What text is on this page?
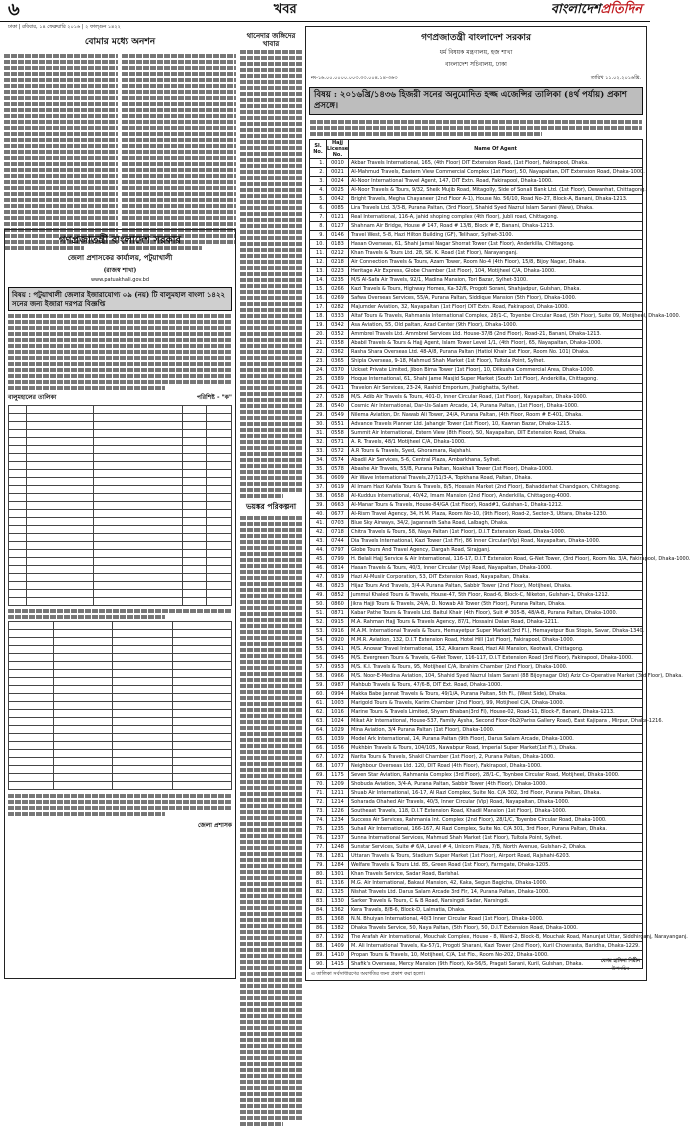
৬	খবর	বাংলাদেশপ্রতিদিন
ঢাকা | রবিবার, ১৪ ফেব্রুয়ারি ২০১৬ | ২ ফাল্গুন ১৪২২
বোমার মধ্যে অনশন
গণপ্রজাতন্ত্রী বাংলাদেশ সরকার
জেলা প্রশাসকের কার্যালয়, পটুয়াখালী
(রাজস্ব শাখা)
www.patuakhali.gov.bd
বিষয় : পটুয়াখালী জেলার ইজারাযোগ্য ০৯ (নয়) টি বালুমহাল বাংলা ১৪২২ সনের জন্য ইজারা দরপত্র বিজ্ঞপ্তি
বালুমহালের তালিকা	পরিশিষ্ট - "ক"

জেলা প্রশাসক
থানেদার জঙ্গিদের খাবার
ভয়ঙ্কর পরিকল্পনা
গণপ্রজাতন্ত্রী বাংলাদেশ সরকার
ধর্ম বিষয়ক মন্ত্রণালয়, হজ শাখা
বাংলাদেশ সচিবালয়, ঢাকা
নং-১৬.০০.০০০০.০০৩.৩৩.০০৪.১৪-৩৬৩	তারিখ ১১.০২.২০১৬খ্রি.
বিষয় : ২০১৬খ্রি/১৪৩৬ হিজরী সনের অনুমোদিত হজ্জ এজেন্সির তালিকা (৪র্থ পর্যায়) প্রকাশ প্রসঙ্গে।
Sl. No.	Hajj License No.	Name Of Agent
1.	0010	Akbar Travels International, 165, (4th Floor) DIT Extension Road, (1st Floor), Fakirapool, Dhaka.
2.	0021	Al-Mahmud Travels, Eastern View Commercial Complex (1st Floor), 50, Nayapaltan, DIT Extension Road, Dhaka-1000.
3.	0024	Al-Noor International Travel Agent, 147, DIT Extn. Road, Fakirapool, Dhaka-1000.
4.	0025	Al-Noor Travels & Tours, 9/32, Sheik Mujib Road, Mitagolly, Side of Sonali Bank Ltd. (1st Floor), Dewanhat, Chittagong.
5.	0042	Bright Travels, Megha Chayaneer (2nd Floor A-1), House No. 56/10, Road No-27, Block-A, Banani, Dhaka-1213.
6.	0085	Lira Travels Ltd. 3/3-B, Purana Paltan, (3rd Floor), Shahid Syed Nazrul Islam Sarani (New), Dhaka.
7.	0121	Real International, 116-A, jahid shoping complex (4th floor), Jubli road, Chittagong.
8.	0127	Shahnam Air Bridge, House # 147, Road # 13/B, Block # E, Banani, Dhaka-1213.
9.	0146	Travel West, 5-8, Hazi Hilton Building (GF), Telihaor, Sylhet-3100.
10.	0183	Hasan Overseas, 61, Shahi Jamal Nagar Shorrat Tower (1st Floor), Anderkilla, Chittagong.
11.	0212	Khan Travels & Tours Ltd. 28, SK. K. Road (1st Floor), Narayanganj.
12.	0218	Air Connection Travels & Tours, Azam Tower, Room No-4 (4th Floor), 15/8, Bijoy Nagar, Dhaka.
13.	0223	Heritage Air Express, Globe Chamber (1st Floor), 104, Motijheel C/A, Dhaka-1000.
14.	0235	M/S Al-Safa Air Travels, 92/1, Madina Mansion, Tori Bazar, Sylhet-3100.
15.	0266	Kazi Travels & Tours, Highway Homes, Ka-32/6, Progoti Sorani, Shahjadpur, Gulshan, Dhaka.
16.	0269	Safwa Overseas Services, 55/A, Purana Paltan, Siddique Mansion (5th Floor), Dhaka-1000.
17.	0282	Majumder Aviation, 32, Nayapaltan (1st Floor) DIT Extn. Road, Fakirapool, Dhaka-1000.
18.	0333	Altaf Tours & Travels, Rahmania International Complex, 28/1-C, Toyenbe Circular Road, (5th Floor), Suite 09, Motijheel, Dhaka-1000.
19.	0342	Asa Aviation, 55, Old paltan, Azad Center (9th Floor), Dhaka-1000.
20.	0352	Ammbrel Travels Ltd. Ammbrel Services Ltd. House-37/B (2nd Floor), Road-21, Banani, Dhaka-1213.
21.	0358	Ababil Travels & Tours & Hajj Agent, Islam Tower Level 1/1, (4th Floor), 65, Nayapaltan, Dhaka-1000.
22.	0362	Rasha Shara Overseas Ltd. 48-A/8, Purana Paltan (Hatiol Khair 1st Floor, Room No. 101) Dhaka.
23.	0365	Shipla Overseas, 9-18, Mahmud Shah Market (1st Floor), Tultola Point, Sylhet.
24.	0370	Uckset Private Limited, Jibon Bima Tower (1st Floor), 10, Dilkusha Commercial Area, Dhaka-1000.
25.	0389	Hoque International, 61, Shahi Jame Masjid Super Market (South 1st Floor), Anderkilla, Chittagong.
26.	0421	Travelon Air Services, 23-24, Rashid Emporium, Jhatighatta, Sylhet.
27.	0528	M/S. Adib Air Travels & Tours, 401-D, Inner Circular Road, (1st Floor), Nayapaltan, Dhaka-1000.
28.	0540	Cosmic Air International, Dar-Us-Salam Arcade, 14, Purana Paltan, (1st Floor), Dhaka-1000.
29.	0549	Nilema Aviation, Dr. Nawab Ali Tower, 24/A, Purana Paltan, (4th Floor, Room # E-401, Dhaka.
30.	0551	Advance Travels Planner Ltd. Jahangir Tower (1st Floor), 10, Kawran Bazar, Dhaka-1215.
31.	0558	Summit Air International, Estern View (8th Floor), 50, Nayapaltan, DIT Extension Road, Dhaka.
32.	0571	A. R. Travels, 48/1 Motijheel C/A, Dhaka-1000.
33.	0572	A.R Tours & Travels, Syed, Ghoramara, Rajshahi.
34.	0574	Abadil Air Services, 5-6, Central Plaza, Ambarkhana, Sylhet.
35.	0578	Abashe Air Travels, 55/B, Purana Paltan, Noakhali Tower (1st Floor), Dhaka-1000.
36.	0609	Air Wave International Travels,27/11/3-A, Topkhana Road, Paltan, Dhaka.
37.	0619	Al Imam Hazi Kafela Tours & Travels, 8/5, Hossain Market (2nd Floor), Bahaddarhat Chandgaon, Chittagong.
38.	0658	Al-Kuddus International, 40/42, Imam Mansion (2nd Floor), Anderkilla, Chittagong-4000.
39.	0663	Al-Manar Tours & Travels, House-84/GA (1st Floor), Road#1, Gulshan-1, Dhaka-1212.
40.	0677	Al-Rism Travel Agency, 34, H.M. Plaza, Room No-10, (9th Floor), Road-2, Sector-3, Uttara, Dhaka-1230.
41.	0703	Blue Sky Airways, 34/2, Jagannath Saha Road, Lalbagh, Dhaka.
42.	0718	Chitra Travels & Tours, 58, Naya Paltan (1st Floor), D.I.T Extension Road, Dhaka-1000.
43.	0744	Dia Travels International, Kazi Tower (1st Flr), 86 Inner Circular(Vip) Road, Nayapaltan, Dhaka-1000.
44.	0797	Globe Tours And Travel Agency, Dargah Road, Sirajganj.
45.	0799	H. Belali Hajj Service & Air International, 116-17, D.I.T Extension Road, G-Net Tower, (3rd Floor), Room No. 3/A, Fakirapool, Dhaka-1000.
46.	0814	Hasan Travels & Tours, 40/3, Inner Circular (Vip) Road, Nayapaltan, Dhaka-1000.
47.	0819	Hazi Al-Musiir Corporation, 53, DIT Extension Road, Nayapaltan, Dhaka.
48.	0823	Hijaz Tours And Travels, 3/4-A Purana Paltan, Sabbir Tower (2nd Floor), Motijheel, Dhaka.
49.	0852	Jummul Khaled Tours & Travels, House-47, 5th Floor, Road-6, Block-C, Niketon, Gulshan-1, Dhaka-1212.
50.	0860	Jikra Hajji Tours & Travels, 24/A, D. Nowab Ali Tower (5th Floor), Purana Paltan, Dhaka.
51.	0871	Kabar Pathe Tours & Travels Ltd. Baitul Khair (4th Floor), Suit # 305-B, 48/A-B, Purana Paltan, Dhaka-1000.
52.	0915	M.A. Rahman Hajj Tours & Travels Agency, 87/1, Hossaini Dalan Road, Dhaka-1211.
53.	0916	M.A.M. International Travels & Tours, Hemayetpur Super Market(3rd Fl.), Hemayetpur Bus Stopis, Savar, Dhaka-1340.
54.	0920	M.M.R. Aviation, 132, D.I.T Extension Road, Hotel Hill (1st Floor), Fakirapool, Dhaka-1000.
55.	0941	M/S. Anowar Travel International, 152, Alkaram Road, Hazi Ali Mansion, Keotwali, Chittagong.
56.	0945	M/S. Evergreen Tours & Travels, G-Net Tower, 116-117, D.I.T Extension Road (3rd Floor), Fakirapool, Dhaka-1000.
57.	0953	M/S. K.I. Travels & Tours, 95, Motijheel C/A, Ibrahim Chamber (2nd Floor), Dhaka-1000.
58.	0966	M/S. Noor-E-Medina Aviation, 104, Shahid Syed Nazrul Islam Sarani (88 Bijoynagar Old) Aziz Co-Operative Market (3rd Floor), Dhaka.
59.	0987	Mahbub Travels & Tours, 47/6-B, DIT Ext. Road, Dhaka-1000.
60.	0994	Makka Babe Jannat Travels & Tours, 49/1/A, Purana Paltan, 5th Fl., (West Side), Dhaka.
61.	1003	Marigold Tours & Travels, Karim Chamber (2nd Floor), 99, Motijheel C/A, Dhaka-1000.
62.	1016	Marine Tours & Travels Limited, Shyam Bhaban(3rd Fl), House-02, Road-11, Block-F, Banani, Dhaka-1213.
63.	1024	Mikat Air International, House-537, Family Aysha, Second Floor-0b2(Pariss Gallery Road), East Kajipara , Mirpur, Dhaka-1216.
64.	1029	Mina Aviation, 3/4 Purana Paltan (1st Floor), Dhaka-1000.
65.	1039	Model Ark International, 14, Purana Paltan (9th Floor), Darus Salam Arcade, Dhaka-1000.
66.	1056	Mukhbin Travels & Tours, 104/105, Nawabpur Road, Imperial Super Market(1st Fl.), Dhaka.
67.	1072	Narita Tours & Travels, Shakil Chamber (1st Floor), 2, Purana Paltan, Dhaka-1000.
68.	1077	Neighbour Overseas Ltd. 120, DIT Road (4th Floor), Fakirapool, Dhaka-1000.
69.	1175	Seven Star Aviation, Rahmania Complex (3rd Floor), 28/1-C, Toynbee Circular Road, Motijheel, Dhaka-1000.
70.	1209	Shobuda Aviation, 3/4-A, Purana Paltan, Sabbir Tower (4th Floor), Dhaka-1000.
71.	1211	Shuab Air International, 16-17, Al Razi Complex, Suite No. C/A 302, 3rd Floor, Purana Paltan, Dhaka.
72.	1214	Soharada Ohahed Air Travels, 40/3, Inner Circular (Vip) Road, Nayapaltan, Dhaka-1000.
73.	1226	Southeast Travels, 118, D.I.T Extension Road, Khadil Mansion (1st Floor), Dhaka-1000.
74.	1234	Success Air Services, Rahmania Int. Complex (2nd Floor), 28/1/C, Toyenbe Circular Road, Dhaka-1000.
75.	1235	Suhail Air International, 166-167, Al Razi Complex, Suite No. C/A 301, 3rd Floor, Purana Paltan, Dhaka.
76.	1237	Sunna International Services, Mahmud Shah Market (1st Floor), Tultola Point, Sylhet.
77.	1248	Sunstar Services, Suite # 6/A, Level # 4, Unicorn Plaza, 7/B, North Avenue, Gulshan-2, Dhaka.
78.	1281	Uttaran Travels & Tours, Stadium Super Market (1st Floor), Airport Road, Rajshahi-6203.
79.	1284	Welfare Travels & Tours Ltd. 85, Green Road (1st Floor), Farmgate, Dhaka-1205.
80.	1301	Khan Travels Service, Sadar Road, Barishal.
81.	1316	M.G. Air International, Bakaul Mansion, 42, Kaka, Segun Bagicha, Dhaka-1000.
82.	1325	Nishat Travels Ltd. Darus Salam Arcade 3rd Flr, 14, Purana Paltan, Dhaka-1000.
83.	1330	Sarker Travels & Tours, C & B Road, Narsingdi Sadar, Narsingdi.
84.	1362	Kera Travels, 8/B-6, Block-D, Lalmatia, Dhaka.
85.	1368	N.N. Bhuiyan International, 40/3 Inner Circular Road (1st Floor), Dhaka-1000.
86.	1382	Dhaka Travels Service, 50, Naya Paltan, (5th Floor), 50, D.I.T Extension Road, Dhaka-1000.
87.	1392	The Arafah Air International, Mouchak Complex, House - 8, Ward-2, Block-B, Mouchak Road, Manunjat Uttar, Siddhirganj, Narayanganj.
88.	1409	M. Ali International Travels, Ka-57/1, Progoti Sharani, Kazi Tower (2nd Floor), Kuril Chowrasta, Baridha, Dhaka-1229.
89.	1410	Propan Tours & Travels, 10, Motijheel, C/A, 1st Flo., Room No-202, Dhaka-1000.
90.	1415	Shafik's Overseas, Mercy Mansion (9th Floor), Ka-56/5, Pragati Sarani, Kuril, Gulshan, Dhaka.
এ তালিকা সর্বসাধারণের অবগতির জন্য প্রকাশ করা হলো।
বেগম হাসিনা শিরীন
উপসচিব
